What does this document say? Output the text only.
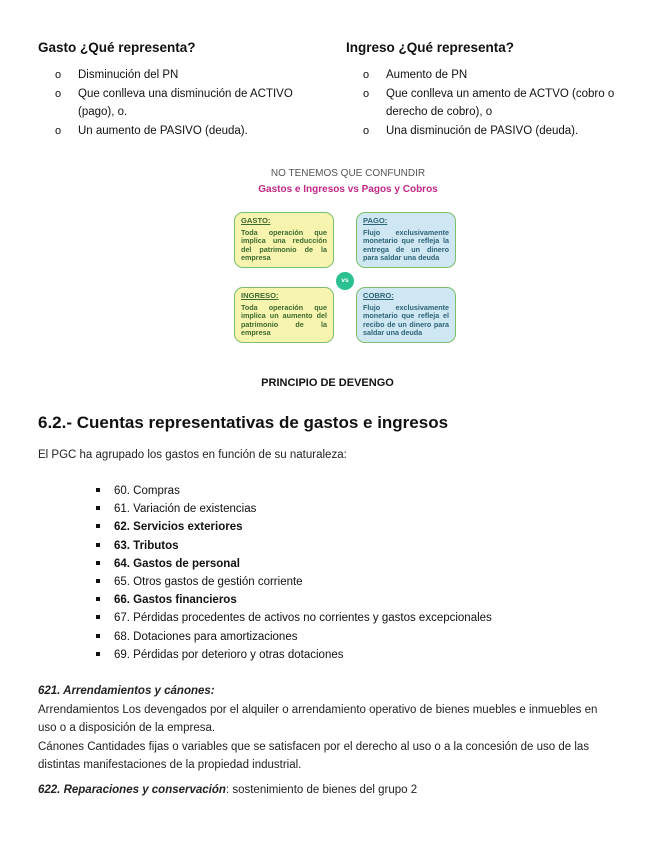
Gasto ¿Qué representa?
o Disminución del PN
o Que conlleva una disminución de ACTIVO
(pago), o.
o Un aumento de PASIVO (deuda).
Ingreso ¿Qué representa?
o Aumento de PN
o Que conlleva un amento de ACTVO (cobro o
derecho de cobro), o
o Una disminución de PASIVO (deuda).
NO TENEMOS QUE CONFUNDIR
Gastos e Ingresos vs Pagos y Cobros
GASTO:
Toda operación que implica una reducción del patrimonio de la empresa
PAGO:
Flujo exclusivamente monetario que refleja la entrega de un dinero para saldar una deuda
vs
INGRESO:
Toda operación que implica un aumento del patrimonio de la empresa
COBRO:
Flujo exclusivamente monetario que refleja el recibo de un dinero para saldar una deuda
PRINCIPIO DE DEVENGO
6.2.- Cuentas representativas de gastos e ingresos
El PGC ha agrupado los gastos en función de su naturaleza:
60. Compras
61. Variación de existencias
62. Servicios exteriores
63. Tributos
64. Gastos de personal
65. Otros gastos de gestión corriente
66. Gastos financieros
67. Pérdidas procedentes de activos no corrientes y gastos excepcionales
68. Dotaciones para amortizaciones
69. Pérdidas por deterioro y otras dotaciones
621. Arrendamientos y cánones:
Arrendamientos Los devengados por el alquiler o arrendamiento operativo de bienes muebles e inmuebles en
uso o a disposición de la empresa.
Cánones Cantidades fijas o variables que se satisfacen por el derecho al uso o a la concesión de uso de las
distintas manifestaciones de la propiedad industrial.
622. Reparaciones y conservación: sostenimiento de bienes del grupo 2
